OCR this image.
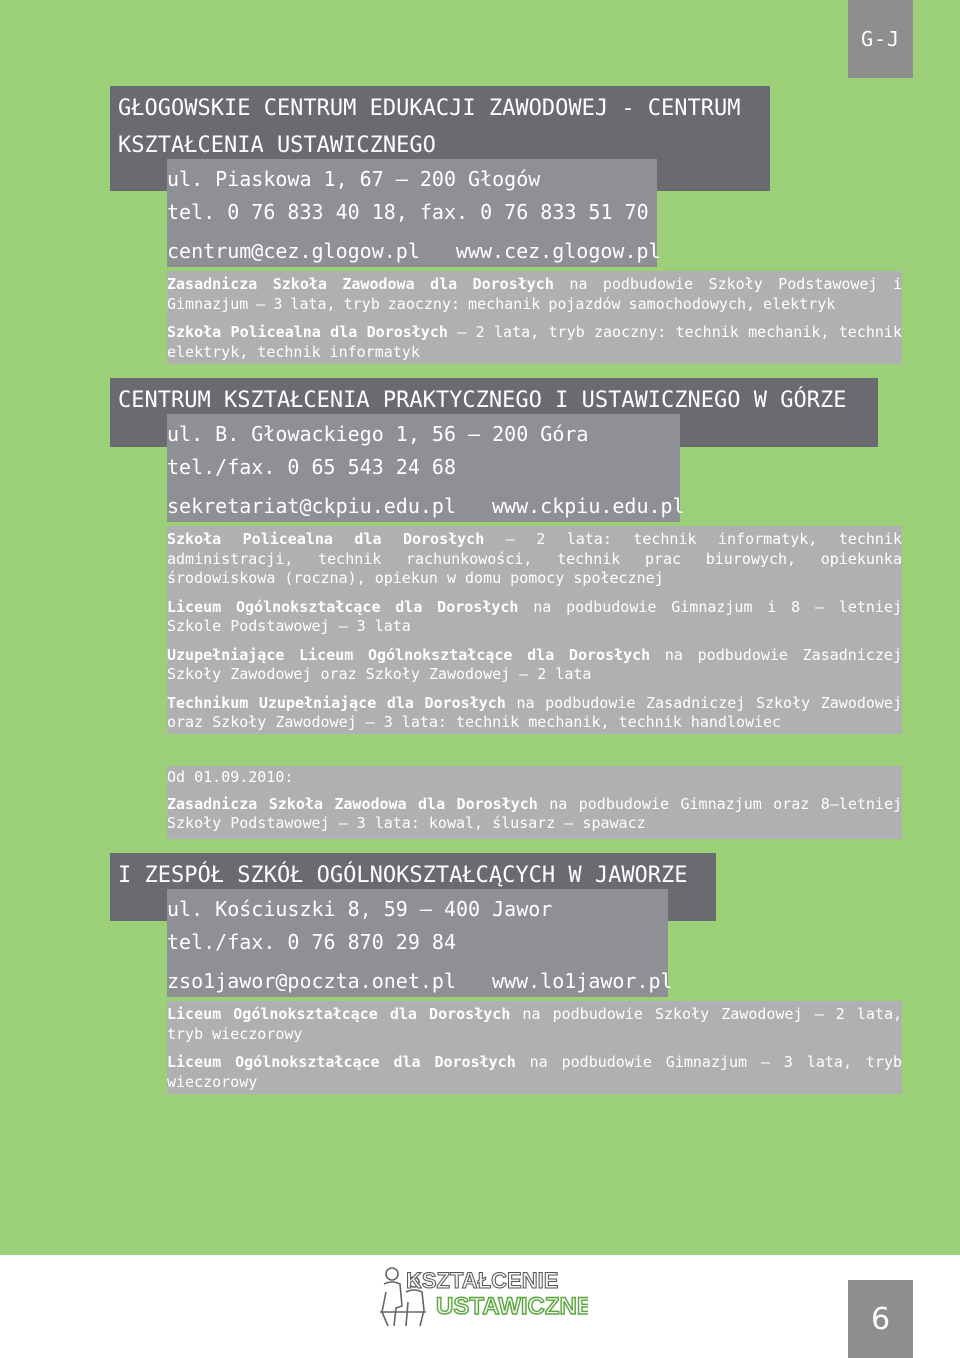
G-J
GŁOGOWSKIE CENTRUM EDUKACJI ZAWODOWEJ - CENTRUM
KSZTAŁCENIA USTAWICZNEGO
ul. Piaskowa 1, 67 – 200 Głogów
tel. 0 76 833 40 18, fax. 0 76 833 51 70
centrum@cez.glogow.pl www.cez.glogow.pl

Zasadnicza Szkoła Zawodowa dla Dorosłych na podbudowie Szkoły Podstawowej i Gimnazjum – 3 lata, tryb zaoczny: mechanik pojazdów samochodowych, elektryk

Szkoła Policealna dla Dorosłych – 2 lata, tryb zaoczny: technik mechanik, technik elektryk, technik informatyk

CENTRUM KSZTAŁCENIA PRAKTYCZNEGO I USTAWICZNEGO W GÓRZE
ul. B. Głowackiego 1, 56 – 200 Góra
tel./fax. 0 65 543 24 68
sekretariat@ckpiu.edu.pl www.ckpiu.edu.pl

Szkoła Policealna dla Dorosłych – 2 lata: technik informatyk, technik administracji, technik rachunkowości, technik prac biurowych, opiekunka środowiskowa (roczna), opiekun w domu pomocy społecznej

Liceum Ogólnokształcące dla Dorosłych na podbudowie Gimnazjum i 8 – letniej Szkole Podstawowej – 3 lata

Uzupełniające Liceum Ogólnokształcące dla Dorosłych na podbudowie Zasadniczej Szkoły Zawodowej oraz Szkoły Zawodowej – 2 lata

Technikum Uzupełniające dla Dorosłych na podbudowie Zasadniczej Szkoły Zawodowej oraz Szkoły Zawodowej – 3 lata: technik mechanik, technik handlowiec

Od 01.09.2010:

Zasadnicza Szkoła Zawodowa dla Dorosłych na podbudowie Gimnazjum oraz 8–letniej Szkoły Podstawowej – 3 lata: kowal, ślusarz – spawacz

I ZESPÓŁ SZKÓŁ OGÓLNOKSZTAŁCĄCYCH W JAWORZE
ul. Kościuszki 8, 59 – 400 Jawor
tel./fax. 0 76 870 29 84
zso1jawor@poczta.onet.pl www.lo1jawor.pl

Liceum Ogólnokształcące dla Dorosłych na podbudowie Szkoły Zawodowej – 2 lata, tryb wieczorowy

Liceum Ogólnokształcące dla Dorosłych na podbudowie Gimnazjum – 3 lata, tryb wieczorowy

KSZTAŁCENIE
USTAWICZNE	6
